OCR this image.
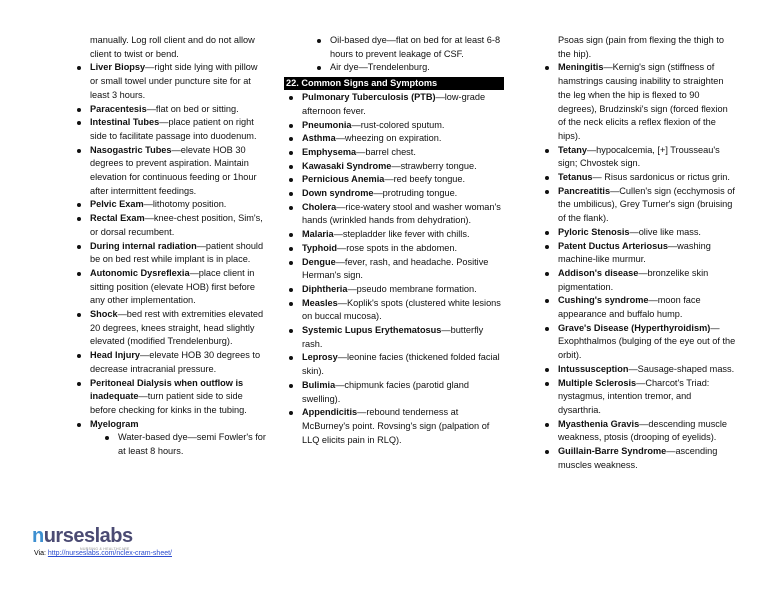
manually. Log roll client and do not allow client to twist or bend.
Liver Biopsy—right side lying with pillow or small towel under puncture site for at least 3 hours.
Paracentesis—flat on bed or sitting.
Intestinal Tubes—place patient on right side to facilitate passage into duodenum.
Nasogastric Tubes—elevate HOB 30 degrees to prevent aspiration. Maintain elevation for continuous feeding or 1hour after intermittent feedings.
Pelvic Exam—lithotomy position.
Rectal Exam—knee-chest position, Sim's, or dorsal recumbent.
During internal radiation—patient should be on bed rest while implant is in place.
Autonomic Dysreflexia—place client in sitting position (elevate HOB) first before any other implementation.
Shock—bed rest with extremities elevated 20 degrees, knees straight, head slightly elevated (modified Trendelenburg).
Head Injury—elevate HOB 30 degrees to decrease intracranial pressure.
Peritoneal Dialysis when outflow is inadequate—turn patient side to side before checking for kinks in the tubing.
Myelogram
Water-based dye—semi Fowler's for at least 8 hours.
Oil-based dye—flat on bed for at least 6-8 hours to prevent leakage of CSF.
Air dye—Trendelenburg.
22. Common Signs and Symptoms
Pulmonary Tuberculosis (PTB)—low-grade afternoon fever.
Pneumonia—rust-colored sputum.
Asthma—wheezing on expiration.
Emphysema—barrel chest.
Kawasaki Syndrome—strawberry tongue.
Pernicious Anemia—red beefy tongue.
Down syndrome—protruding tongue.
Cholera—rice-watery stool and washer woman's hands (wrinkled hands from dehydration).
Malaria—stepladder like fever with chills.
Typhoid—rose spots in the abdomen.
Dengue—fever, rash, and headache. Positive Herman's sign.
Diphtheria—pseudo membrane formation.
Measles—Koplik's spots (clustered white lesions on buccal mucosa).
Systemic Lupus Erythematosus—butterfly rash.
Leprosy—leonine facies (thickened folded facial skin).
Bulimia—chipmunk facies (parotid gland swelling).
Appendicitis—rebound tenderness at McBurney's point. Rovsing's sign (palpation of LLQ elicits pain in RLQ).
Psoas sign (pain from flexing the thigh to the hip).
Meningitis—Kernig's sign (stiffness of hamstrings causing inability to straighten the leg when the hip is flexed to 90 degrees), Brudzinski's sign (forced flexion of the neck elicits a reflex flexion of the hips).
Tetany—hypocalcemia, [+] Trousseau's sign; Chvostek sign.
Tetanus— Risus sardonicus or rictus grin.
Pancreatitis—Cullen's sign (ecchymosis of the umbilicus), Grey Turner's sign (bruising of the flank).
Pyloric Stenosis—olive like mass.
Patent Ductus Arteriosus—washing machine-like murmur.
Addison's disease—bronzelike skin pigmentation.
Cushing's syndrome—moon face appearance and buffalo hump.
Grave's Disease (Hyperthyroidism)—Exophthalmos (bulging of the eye out of the orbit).
Intussusception—Sausage-shaped mass.
Multiple Sclerosis—Charcot's Triad: nystagmus, intention tremor, and dysarthria.
Myasthenia Gravis—descending muscle weakness, ptosis (drooping of eyelids).
Guillain-Barre Syndrome—ascending muscles weakness.
nurseslabs
NURSING & HEALTHCARE
Via: http://nurseslabs.com/nclex-cram-sheet/
